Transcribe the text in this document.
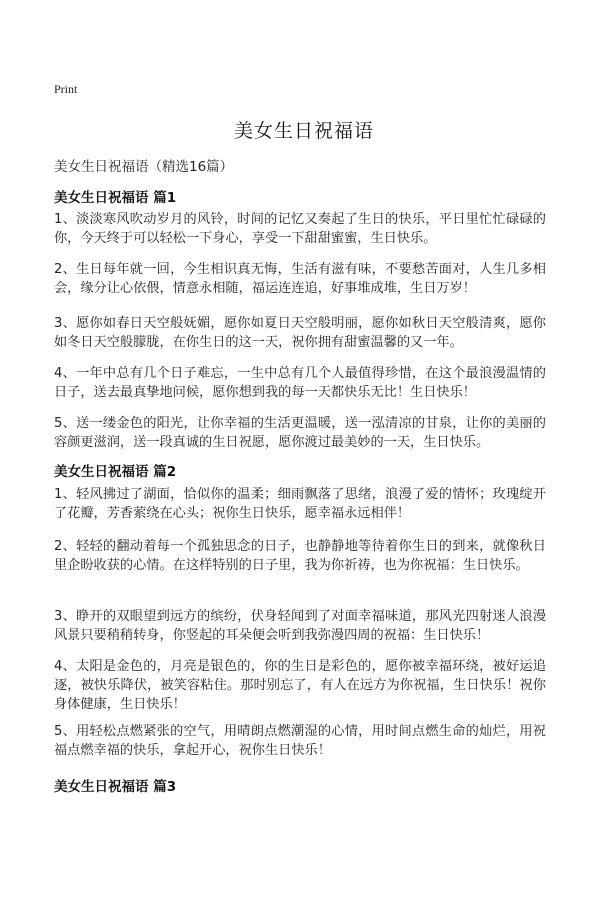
Print
美女生日祝福语
美女生日祝福语（精选16篇）
美女生日祝福语 篇1

1、淡淡寒风吹动岁月的风铃，时间的记忆又奏起了生日的快乐，平日里忙忙碌碌的你，今天终于可以轻松一下身心，享受一下甜甜蜜蜜，生日快乐。

2、生日每年就一回，今生相识真无悔，生活有滋有味，不要愁苦面对，人生几多相会，缘分让心依偎，情意永相随，福运连连追，好事堆成堆，生日万岁！

3、愿你如春日天空般妩媚，愿你如夏日天空般明丽，愿你如秋日天空般清爽，愿你如冬日天空般朦胧，在你生日的这一天，祝你拥有甜蜜温馨的又一年。

4、一年中总有几个日子难忘，一生中总有几个人最值得珍惜，在这个最浪漫温情的日子，送去最真挚地问候，愿你想到我的每一天都快乐无比！生日快乐！

5、送一缕金色的阳光，让你幸福的生活更温暖，送一泓清凉的甘泉，让你的美丽的容颜更滋润，送一段真诚的生日祝愿，愿你渡过最美妙的一天，生日快乐。

美女生日祝福语 篇2

1、轻风拂过了湖面，恰似你的温柔；细雨飘落了思绪，浪漫了爱的情怀；玫瑰绽开了花瓣，芳香萦绕在心头；祝你生日快乐，愿幸福永远相伴！

2、轻轻的翻动着每一个孤独思念的日子，也静静地等待着你生日的到来，就像秋日里企盼收获的心情。在这样特别的日子里，我为你祈祷，也为你祝福：生日快乐。

3、睁开的双眼望到远方的缤纷，伏身轻闻到了对面幸福味道，那风光四射迷人浪漫风景只要稍稍转身，你竖起的耳朵便会听到我弥漫四周的祝福：生日快乐！

4、太阳是金色的，月亮是银色的，你的生日是彩色的，愿你被幸福环绕，被好运追逐，被快乐降伏，被笑容粘住。那时别忘了，有人在远方为你祝福，生日快乐！祝你身体健康，生日快乐！

5、用轻松点燃紧张的空气，用晴朗点燃潮湿的心情，用时间点燃生命的灿烂，用祝福点燃幸福的快乐，拿起开心，祝你生日快乐！

美女生日祝福语 篇3
